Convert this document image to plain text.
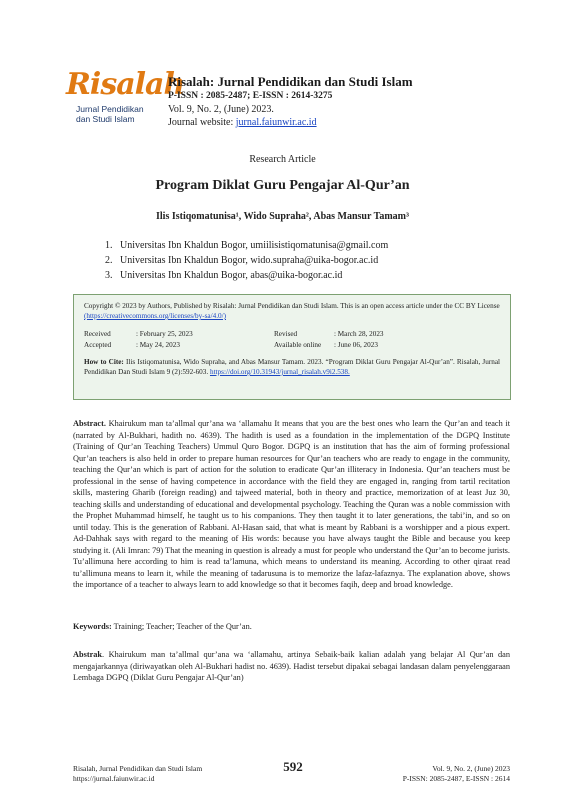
Risalah
Jurnal Pendidikan
dan Studi Islam
Risalah: Jurnal Pendidikan dan Studi Islam
P-ISSN : 2085-2487; E-ISSN : 2614-3275
Vol. 9, No. 2, (June) 2023.
Journal website: jurnal.faiunwir.ac.id
Research Article
Program Diklat Guru Pengajar Al-Qur’an
Ilis Istiqomatunisa¹, Wido Supraha², Abas Mansur Tamam³
1. Universitas Ibn Khaldun Bogor, umiilisistiqomatunisa@gmail.com
2. Universitas Ibn Khaldun Bogor, wido.supraha@uika-bogor.ac.id
3. Universitas Ibn Khaldun Bogor, abas@uika-bogor.ac.id
Copyright © 2023 by Authors, Published by Risalah: Jurnal Pendidikan dan Studi Islam. This is an open access article under the CC BY License (https://creativecommons.org/licenses/by-sa/4.0/)
Received	: February 25, 2023	Revised	: March 28, 2023
Accepted	: May 24, 2023	Available online	: June 06, 2023
How to Cite: Ilis Istiqomatunisa, Wido Supraha, and Abas Mansur Tamam. 2023. “Program Diklat Guru Pengajar Al-Qur’an”. Risalah, Jurnal Pendidikan Dan Studi Islam 9 (2):592-603. https://doi.org/10.31943/jurnal_risalah.v9i2.538.
Abstract. Khairukum man ta’allmal qur’ana wa ‘allamahu It means that you are the best ones who learn the Qur’an and teach it (narrated by Al-Bukhari, hadith no. 4639). The hadith is used as a foundation in the implementation of the DGPQ Institute (Training of Qur’an Teaching Teachers) Ummul Quro Bogor. DGPQ is an institution that has the aim of forming professional Qur’an teachers is also held in order to prepare human resources for Qur’an teachers who are ready to engage in the community, teaching the Qur’an which is part of action for the solution to eradicate Qur’an illiteracy in Indonesia. Qur’an teachers must be professional in the sense of having competence in accordance with the field they are engaged in, ranging from tartil recitation skills, mastering Gharib (foreign reading) and tajweed material, both in theory and practice, memorization of at least Juz 30, teaching skills and understanding of educational and developmental psychology. Teaching the Quran was a noble commission with the Prophet Muhammad himself, he taught us to his companions. They then taught it to later generations, the tabi’in, and so on until today. This is the generation of Rabbani. Al-Hasan said, that what is meant by Rabbani is a worshipper and a pious expert. Ad-Dahhak says with regard to the meaning of His words: because you have always taught the Bible and because you keep studying it. (Ali Imran: 79) That the meaning in question is already a must for people who understand the Qur’an to become jurists. Tu’allimuna here according to him is read ta’lamuna, which means to understand its meaning. According to other qiraat read tu’allimuna means to learn it, while the meaning of tadarusuna is to memorize the lafaz-lafaznya. The explanation above, shows the importance of a teacher to always learn to add knowledge so that it becomes faqih, deep and broad knowledge.
Keywords: Training; Teacher; Teacher of the Qur’an.
Abstrak. Khairukum man ta’allmal qur’ana wa ‘allamahu, artinya Sebaik-baik kalian adalah yang belajar Al Qur’an dan mengajarkannya (diriwayatkan oleh Al-Bukhari hadist no. 4639). Hadist tersebut dipakai sebagai landasan dalam penyelenggaraan Lembaga DGPQ (Diklat Guru Pengajar Al-Qur’an)
Risalah, Jurnal Pendidikan dan Studi Islam
https://jurnal.faiunwir.ac.id
592	Vol. 9, No. 2, (June) 2023
P-ISSN: 2085-2487, E-ISSN : 2614
